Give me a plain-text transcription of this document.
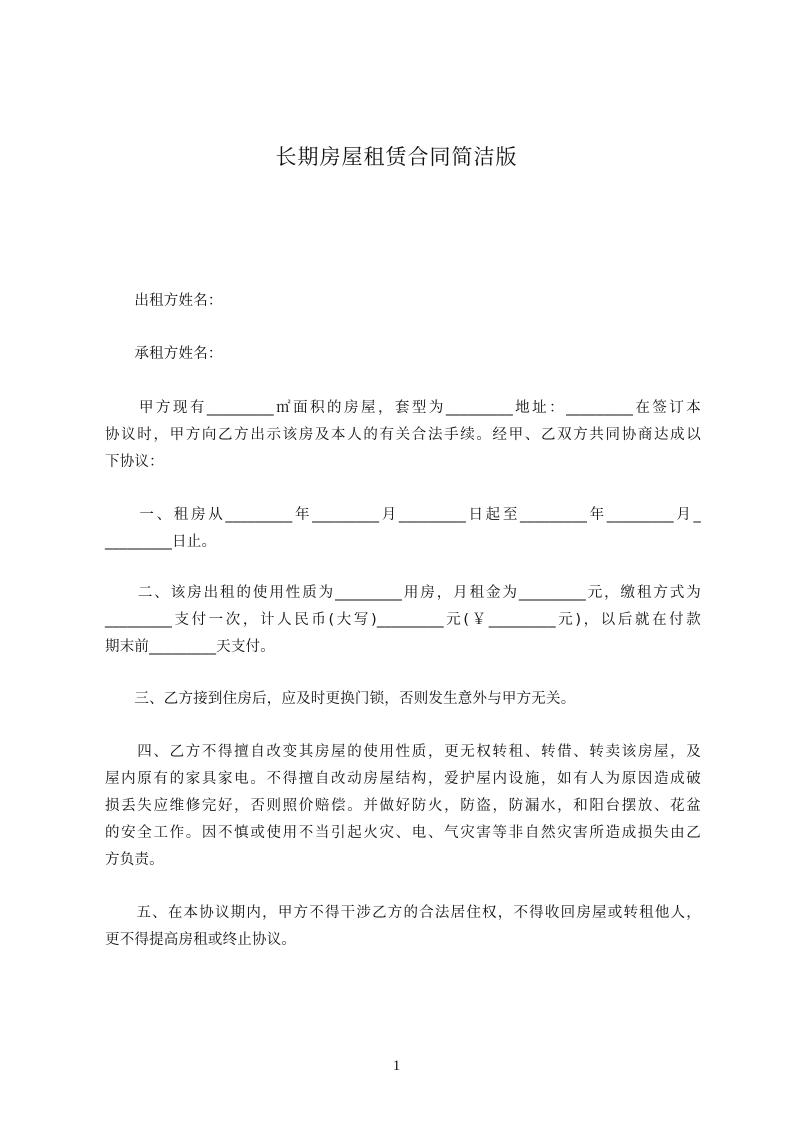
长期房屋租赁合同简洁版
　　出租方姓名：
　　承租方姓名：
　　甲方现有_________㎡面积的房屋，套型为_________地址：_________在签订本
协议时，甲方向乙方出示该房及本人的有关合法手续。经甲、乙双方共同协商达成以
下协议：
　　一、租房从_________年_________月_________日起至_________年_________月_
_________日止。
　　二、该房出租的使用性质为_________用房，月租金为_________元，缴租方式为
_________支付一次，计人民币(大写)_________元(￥_________元)，以后就在付款
期末前_________天支付。
　　三、乙方接到住房后，应及时更换门锁，否则发生意外与甲方无关。
　　四、乙方不得擅自改变其房屋的使用性质，更无权转租、转借、转卖该房屋，及
屋内原有的家具家电。不得擅自改动房屋结构，爱护屋内设施，如有人为原因造成破
损丢失应维修完好，否则照价赔偿。并做好防火，防盗，防漏水，和阳台摆放、花盆
的安全工作。因不慎或使用不当引起火灾、电、气灾害等非自然灾害所造成损失由乙
方负责。
　　五、在本协议期内，甲方不得干涉乙方的合法居住权，不得收回房屋或转租他人，
更不得提高房租或终止协议。
1
